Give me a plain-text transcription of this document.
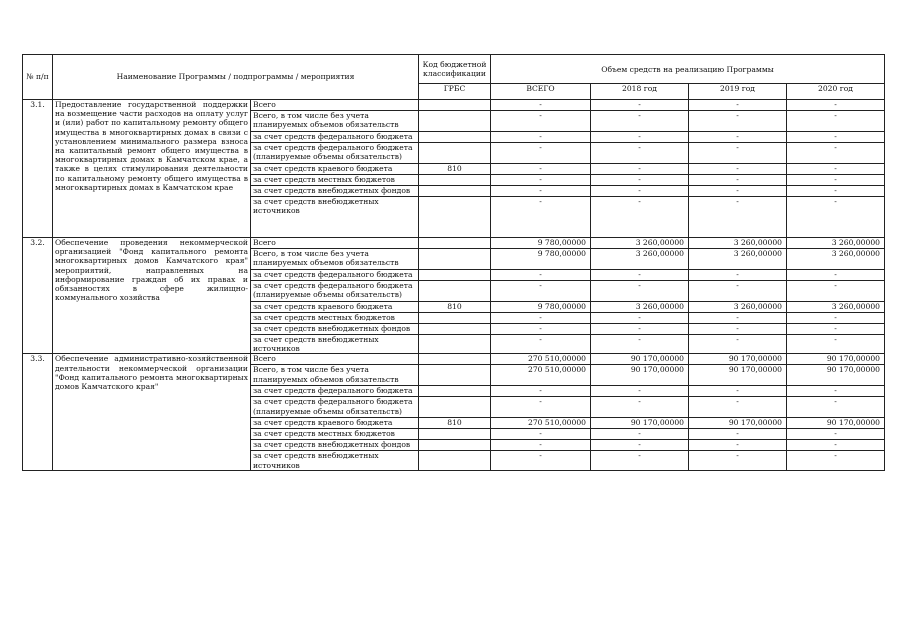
№ п/п	Наименование Программы / подпрограммы / мероприятия		Код бюджетной классификации	Объем средств на реализацию Программы			
			ГРБС	ВСЕГО	2018 год	2019 год	2020 год
3.1.	Предоставление государственной поддержки на возмещение части расходов на оплату услуг и (или) работ по капитальному ремонту общего имущества в многоквартирных домах в связи с установлением минимального размера взноса на капитальный ремонт общего имущества в многоквартирных домах в Камчатском крае, а также в целях стимулирования деятельности по капитальному ремонту общего имущества в многоквартирных домах в Камчатском крае	Всего		-	-	-	-
		Всего, в том числе без учета планируемых объемов обязательств		-	-	-	-
		за счет средств федерального бюджета		-	-	-	-
		за счет средств федерального бюджета (планируемые объемы обязательств)		-	-	-	-
		за счет средств краевого бюджета	810	-	-	-	-
		за счет средств местных бюджетов		-	-	-	-
		за счет средств внебюджетных фондов		-	-	-	-
		за счет средств внебюджетных источников		-	-	-	-
3.2.	Обеспечение проведения некоммерческой организацией "Фонд капитального ремонта многоквартирных домов Камчатского края" мероприятий, направленных на информирование граждан об их правах и обязанностях в сфере жилищно-коммунального хозяйства	Всего		9 780,00000	3 260,00000	3 260,00000	3 260,00000
		Всего, в том числе без учета планируемых объемов обязательств		9 780,00000	3 260,00000	3 260,00000	3 260,00000
		за счет средств федерального бюджета		-	-	-	-
		за счет средств федерального бюджета (планируемые объемы обязательств)		-	-	-	-
		за счет средств краевого бюджета	810	9 780,00000	3 260,00000	3 260,00000	3 260,00000
		за счет средств местных бюджетов		-	-	-	-
		за счет средств внебюджетных фондов		-	-	-	-
		за счет средств внебюджетных источников		-	-	-	-
3.3.	Обеспечение административно-хозяйственной деятельности некоммерческой организации "Фонд капитального ремонта многоквартирных домов Камчатского края"	Всего		270 510,00000	90 170,00000	90 170,00000	90 170,00000
		Всего, в том числе без учета планируемых объемов обязательств		270 510,00000	90 170,00000	90 170,00000	90 170,00000
		за счет средств федерального бюджета		-	-	-	-
		за счет средств федерального бюджета (планируемые объемы обязательств)		-	-	-	-
		за счет средств краевого бюджета	810	270 510,00000	90 170,00000	90 170,00000	90 170,00000
		за счет средств местных бюджетов		-	-	-	-
		за счет средств внебюджетных фондов		-	-	-	-
		за счет средств внебюджетных источников		-	-	-	-
